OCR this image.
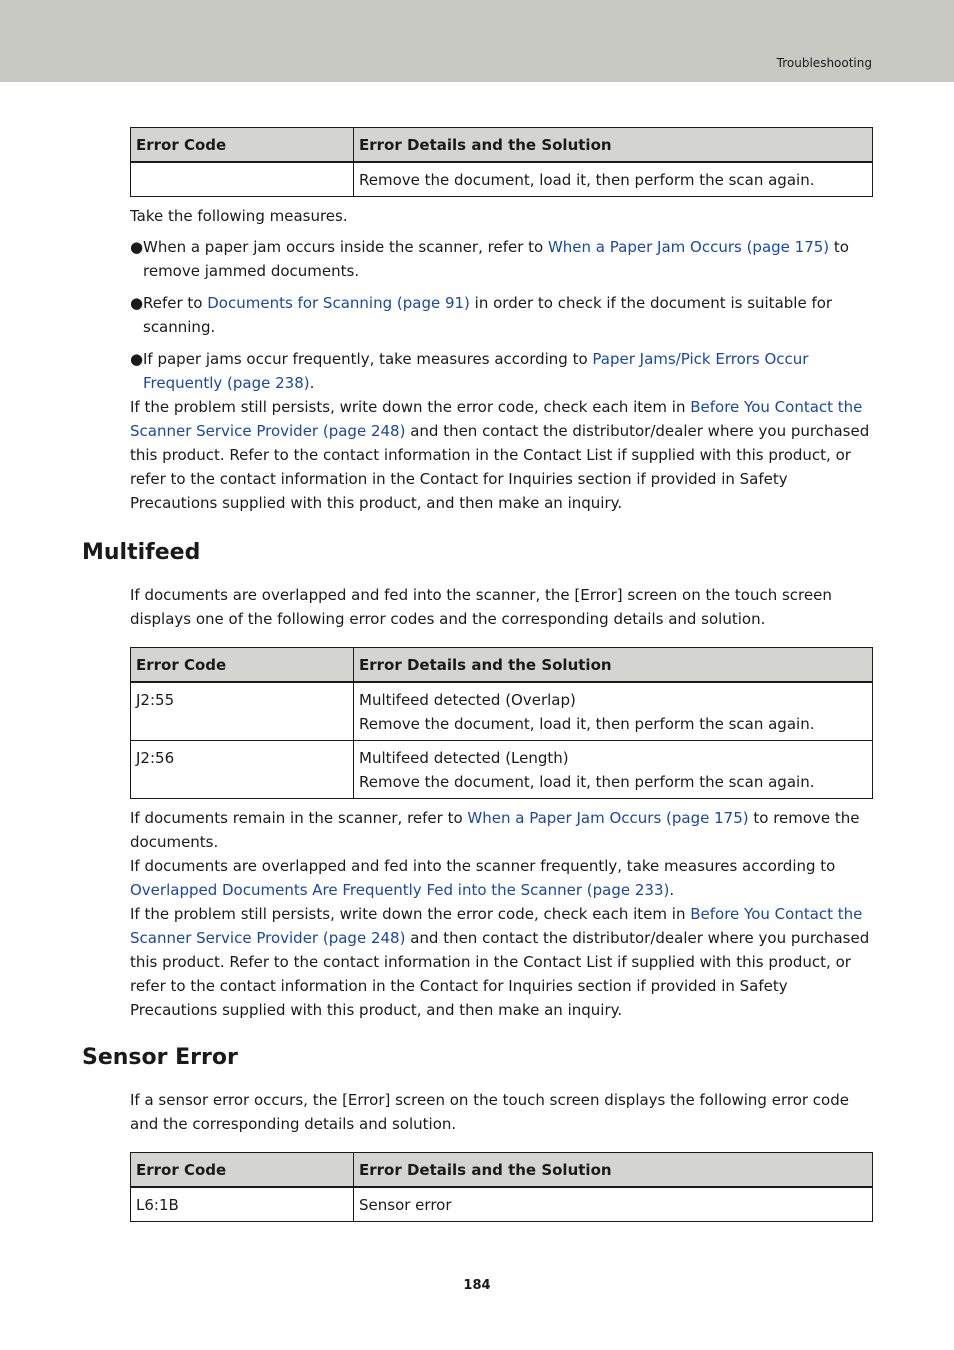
Troubleshooting
Error Code	Error Details and the Solution

	Remove the document, load it, then perform the scan again.

Take the following measures.

● When a paper jam occurs inside the scanner, refer to When a Paper Jam Occurs (page 175) to remove jammed documents.
● Refer to Documents for Scanning (page 91) in order to check if the document is suitable for scanning.
● If paper jams occur frequently, take measures according to Paper Jams/Pick Errors Occur Frequently (page 238).

If the problem still persists, write down the error code, check each item in Before You Contact the Scanner Service Provider (page 248) and then contact the distributor/dealer where you purchased this product. Refer to the contact information in the Contact List if supplied with this product, or refer to the contact information in the Contact for Inquiries section if provided in Safety Precautions supplied with this product, and then make an inquiry.

Multifeed

If documents are overlapped and fed into the scanner, the [Error] screen on the touch screen displays one of the following error codes and the corresponding details and solution.

Error Code	Error Details and the Solution
J2:55	Multifeed detected (Overlap)
Remove the document, load it, then perform the scan again.

J2:56	Multifeed detected (Length)
Remove the document, load it, then perform the scan again.

If documents remain in the scanner, refer to When a Paper Jam Occurs (page 175) to remove the documents.

If documents are overlapped and fed into the scanner frequently, take measures according to Overlapped Documents Are Frequently Fed into the Scanner (page 233).

If the problem still persists, write down the error code, check each item in Before You Contact the Scanner Service Provider (page 248) and then contact the distributor/dealer where you purchased this product. Refer to the contact information in the Contact List if supplied with this product, or refer to the contact information in the Contact for Inquiries section if provided in Safety Precautions supplied with this product, and then make an inquiry.

Sensor Error

If a sensor error occurs, the [Error] screen on the touch screen displays the following error code and the corresponding details and solution.

Error Code	Error Details and the Solution
L6:1B	Sensor error
184
